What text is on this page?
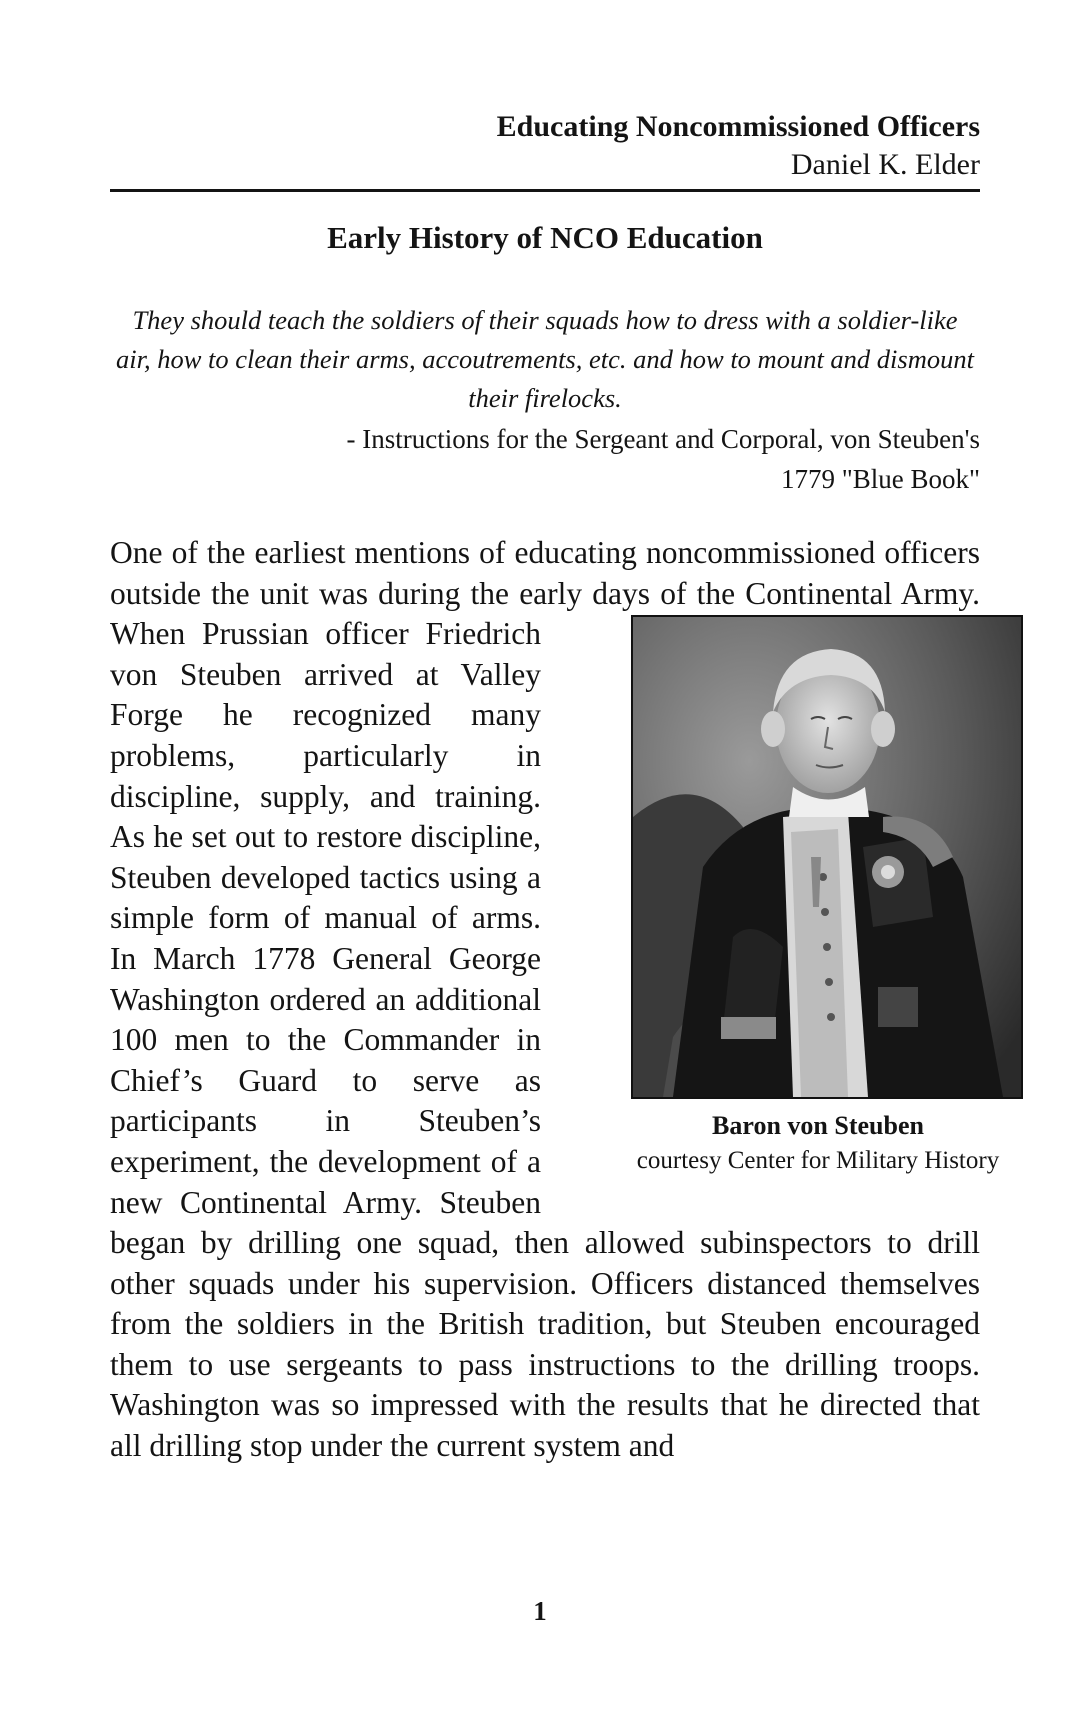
Educating Noncommissioned Officers
Daniel K. Elder
Early History of NCO Education
They should teach the soldiers of their squads how to dress with a soldier-like air, how to clean their arms, accoutrements, etc. and how to mount and dismount their firelocks.
- Instructions for the Sergeant and Corporal, von Steuben's 1779 "Blue Book"
Baron von Steuben
courtesy Center for Military History

One of the earliest mentions of educating noncommissioned officers outside the unit was during the early days of the Continental Army. When Prussian officer Friedrich von Steuben arrived at Valley Forge he recognized many problems, particularly in discipline, supply, and training. As he set out to restore discipline, Steuben developed tactics using a simple form of manual of arms. In March 1778 General George Washington ordered an additional 100 men to the Commander in Chief’s Guard to serve as participants in Steuben’s experiment, the development of a new Continental Army. Steuben began by drilling one squad, then allowed subinspectors to drill other squads under his supervision. Officers distanced themselves from the soldiers in the British tradition, but Steuben encouraged them to use sergeants to pass instructions to the drilling troops. Washington was so impressed with the results that he directed that all drilling stop under the current system and

1
